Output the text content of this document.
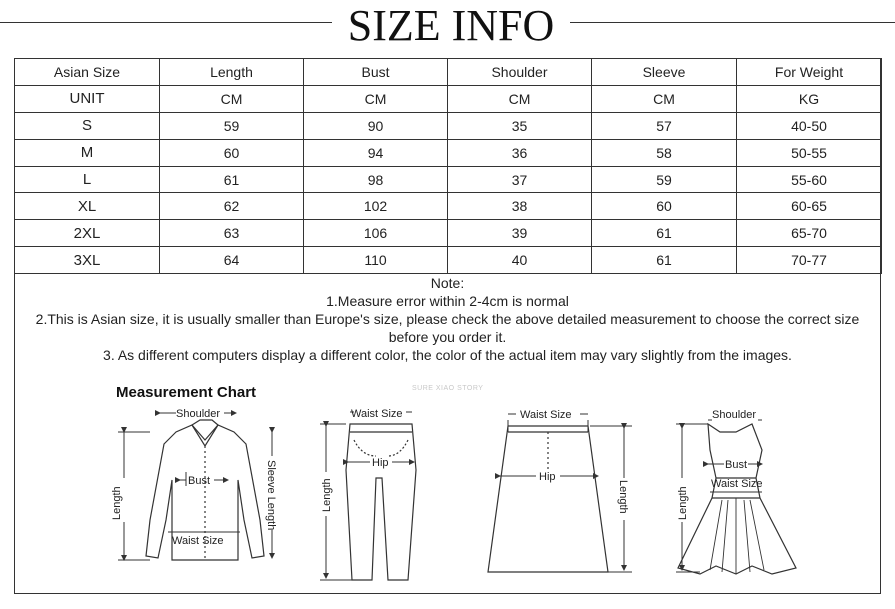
SIZE INFO
Asian Size	Length	Bust	Shoulder	Sleeve	For Weight
UNIT	CM	CM	CM	CM	KG
S	59	90	35	57	40-50
M	60	94	36	58	50-55
L	61	98	37	59	55-60
XL	62	102	38	60	60-65
2XL	63	106	39	61	65-70
3XL	64	110	40	61	70-77
Note:
1.Measure error within 2-4cm is normal
2.This is Asian size, it is usually smaller than Europe's size, please check the above detailed measurement to choose the correct size before you order it.
3. As different computers display a different color, the color of the actual item may vary slightly from the images.
Measurement Chart	SURE XIAO STORY
Shoulder
Bust
Waist Size
Length	Sleeve Length
Waist Size
Hip
Length
Waist Size
Hip
Length
Shoulder
Bust
Waist Size
Length
